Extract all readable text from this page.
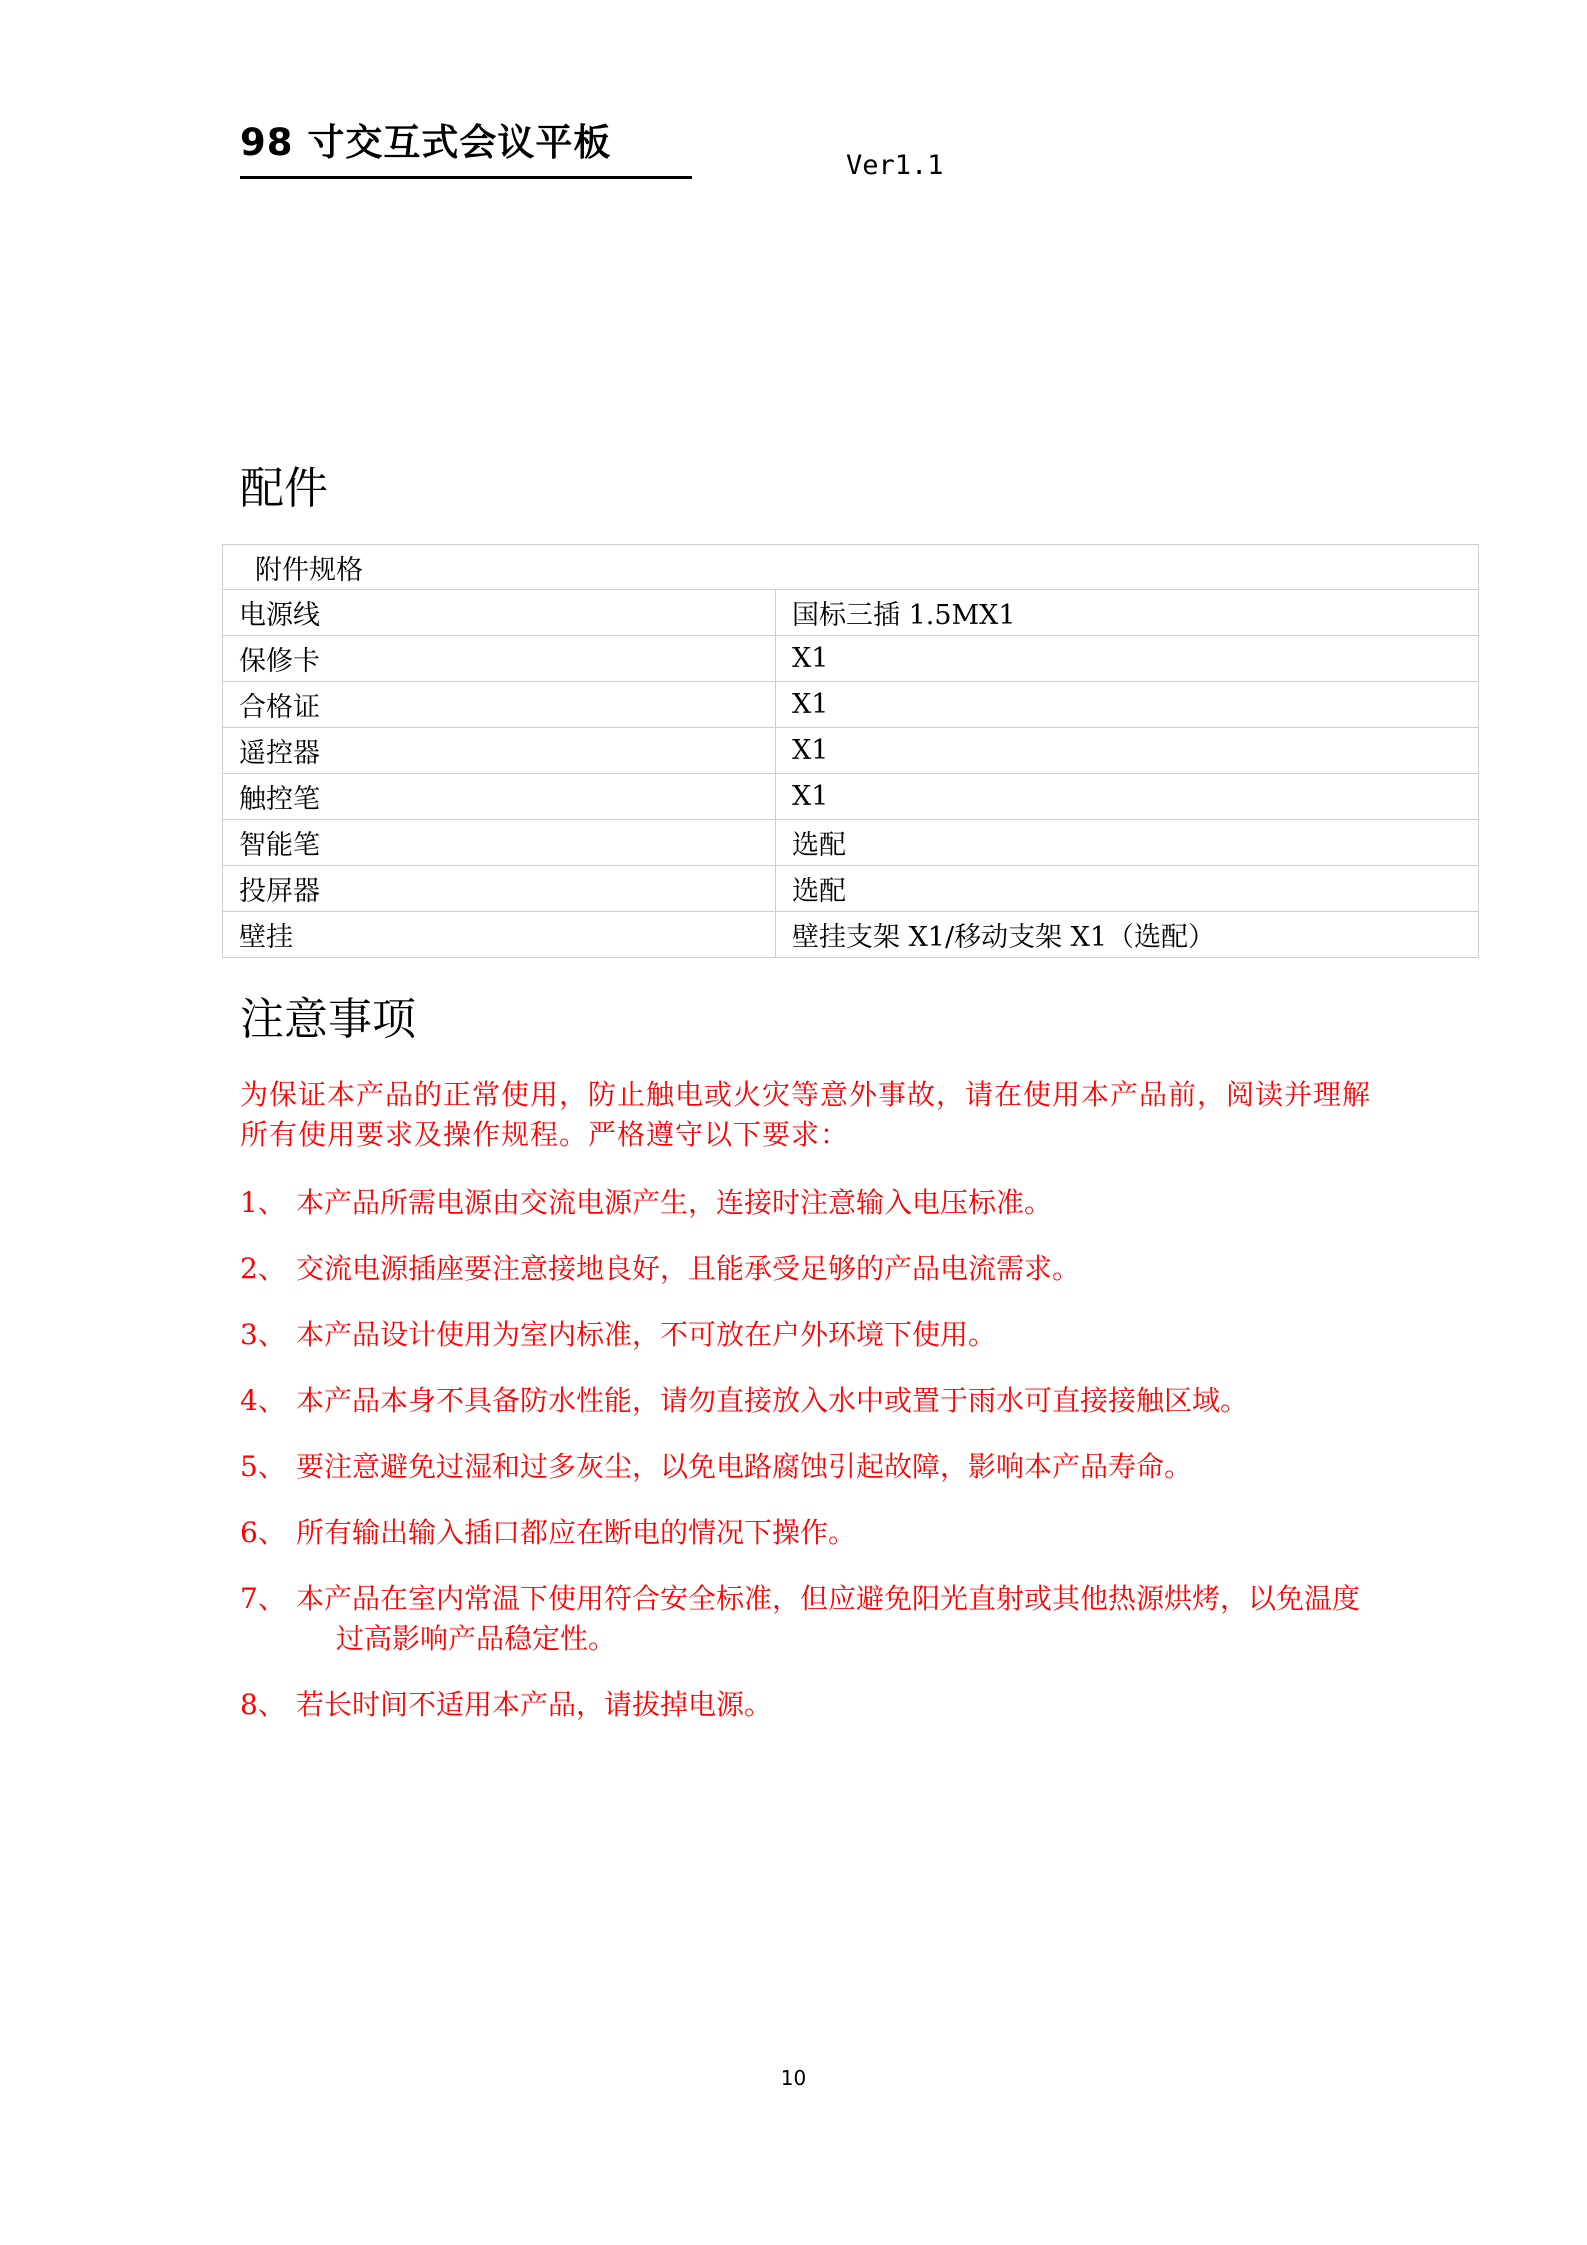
98 寸交互式会议平板
Ver1.1
配件
附件规格	
电源线	国标三插 1.5MX1
保修卡	X1
合格证	X1
遥控器	X1
触控笔	X1
智能笔	选配
投屏器	选配
壁挂	壁挂支架 X1/移动支架 X1（选配）
注意事项

为保证本产品的正常使用，防止触电或火灾等意外事故，请在使用本产品前，阅读并理解所有使用要求及操作规程。严格遵守以下要求：

1、 本产品所需电源由交流电源产生，连接时注意输入电压标准。
2、 交流电源插座要注意接地良好，且能承受足够的产品电流需求。
3、 本产品设计使用为室内标准，不可放在户外环境下使用。
4、 本产品本身不具备防水性能，请勿直接放入水中或置于雨水可直接接触区域。
5、 要注意避免过湿和过多灰尘，以免电路腐蚀引起故障，影响本产品寿命。
6、 所有输出输入插口都应在断电的情况下操作。
7、 本产品在室内常温下使用符合安全标准，但应避免阳光直射或其他热源烘烤，以免温度
过高影响产品稳定性。
8、 若长时间不适用本产品，请拔掉电源。
10
